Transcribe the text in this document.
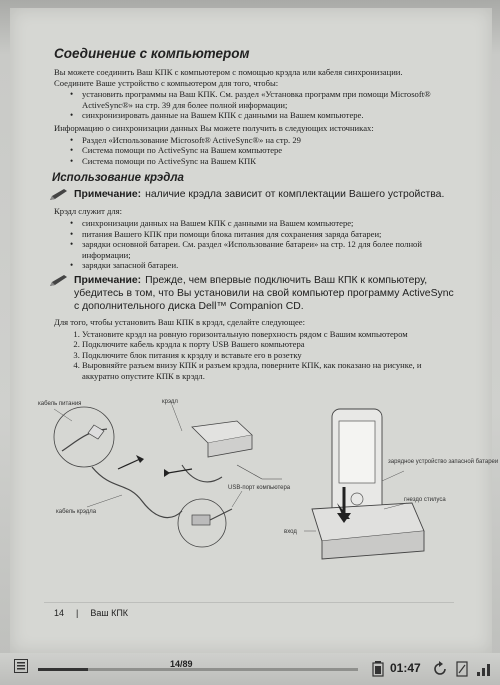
Соединение с компьютером

Вы можете соединить Ваш КПК с компьютером с помощью крэдла или кабеля синхронизации.

Соедините Ваше устройство с компьютером для того, чтобы:

• установить программы на Ваш КПК. См. раздел «Установка программ при помощи Microsoft® ActiveSync®» на стр. 39 для более полной информации;
• синхронизировать данные на Вашем КПК с данными на Вашем компьютере.

Информацию о синхронизации данных Вы можете получить в следующих источниках:

• Раздел «Использование Microsoft® ActiveSync®» на стр. 29
• Система помощи по ActiveSync на Вашем компьютере
• Система помощи по ActiveSync на Вашем КПК
Использование крэдла
Примечание: наличие крэдла зависит от комплектации Вашего устройства.

Крэдл служит для:

• синхронизации данных на Вашем КПК с данными на Вашем компьютере;
• питания Вашего КПК при помощи блока питания для сохранения заряда батареи;
• зарядки основной батареи. См. раздел «Использование батареи» на стр. 12 для более полной информации;
• зарядки запасной батареи.
Примечание: Прежде, чем впервые подключить Ваш КПК к компьютеру, убедитесь в том, что Вы установили на свой компьютер программу ActiveSync с дополнительного диска Dell™ Companion CD.

Для того, чтобы установить Ваш КПК в крэдл, сделайте следующее:

1. Установите крэдл на ровную горизонтальную поверхность рядом с Вашим компьютером
2. Подключите кабель крэдла к порту USB Вашего компьютера
3. Подключите блок питания к крэдлу и вставьте его в розетку
4. Выровняйте разъем внизу КПК и разъем крэдла, поверните КПК, как показано на рисунке, и аккуратно опустите КПК в крэдл.
кабель питания	крэдл
кабель крэдла
USB-порт компьютера
зарядное устройство запасной батареи
гнездо стилуса
вход
14 | Ваш КПК
14/89	01:47
